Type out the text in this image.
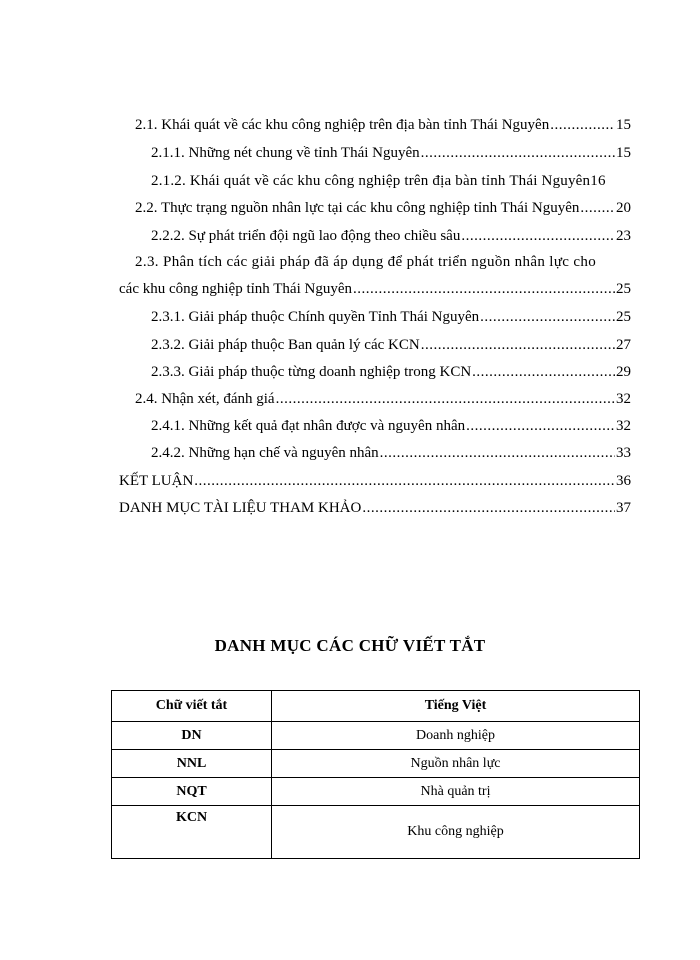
2.1. Khái quát về các khu công nghiệp trên địa bàn tỉnh Thái Nguyên .....	15
2.1.1. Những nét chung về tỉnh Thái Nguyên .....	15
2.1.2. Khái quát về các khu công nghiệp trên địa bàn tỉnh Thái Nguyên 16
2.2. Thực trạng nguồn nhân lực tại các khu công nghiệp tỉnh Thái Nguyên ..... 20
2.2.2. Sự phát triển đội ngũ lao động theo chiều sâu .....	23
2.3. Phân tích các giải pháp đã áp dụng để phát triển nguồn nhân lực cho
các khu công nghiệp tỉnh Thái Nguyên .....	25
2.3.1. Giải pháp thuộc Chính quyền Tỉnh Thái Nguyên .....	25
2.3.2. Giải pháp thuộc Ban quản lý các KCN .....	27
2.3.3. Giải pháp thuộc từng doanh nghiệp trong KCN .....	29
2.4. Nhận xét, đánh giá .....	32
2.4.1. Những kết quả đạt nhân được và nguyên nhân .....	32
2.4.2. Những hạn chế và nguyên nhân .....	33
KẾT LUẬN .....	36
DANH MỤC TÀI LIỆU THAM KHẢO .....	37
DANH MỤC CÁC CHỮ VIẾT TẮT
Chữ viết tắt	Tiếng Việt
DN	Doanh nghiệp
NNL	Nguồn nhân lực
NQT	Nhà quản trị
KCN	Khu công nghiệp
